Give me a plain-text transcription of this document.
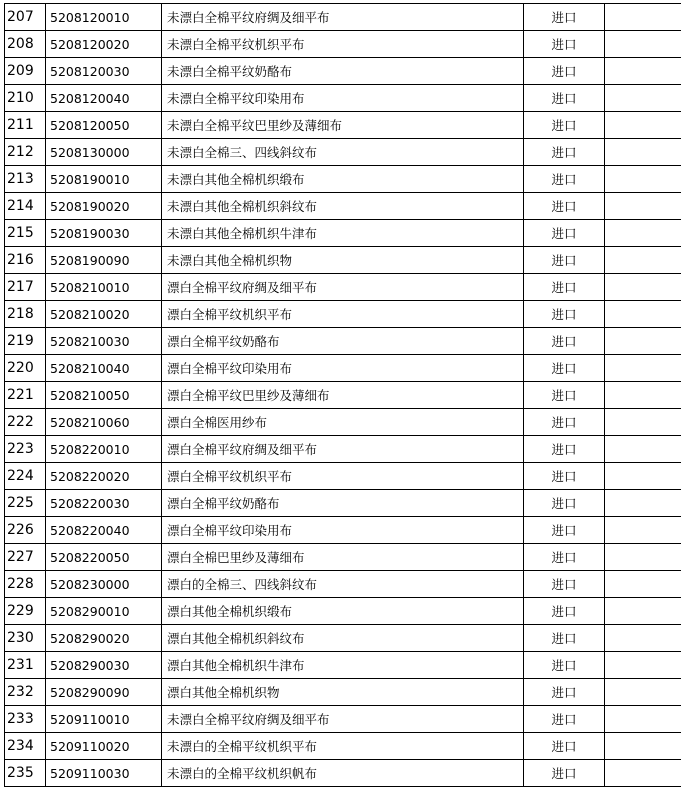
207	5208120010	未漂白全棉平纹府绸及细平布	进口	
208	5208120020	未漂白全棉平纹机织平布	进口	
209	5208120030	未漂白全棉平纹奶酪布	进口	
210	5208120040	未漂白全棉平纹印染用布	进口	
211	5208120050	未漂白全棉平纹巴里纱及薄细布	进口	
212	5208130000	未漂白全棉三、四线斜纹布	进口	
213	5208190010	未漂白其他全棉机织缎布	进口	
214	5208190020	未漂白其他全棉机织斜纹布	进口	
215	5208190030	未漂白其他全棉机织牛津布	进口	
216	5208190090	未漂白其他全棉机织物	进口	
217	5208210010	漂白全棉平纹府绸及细平布	进口	
218	5208210020	漂白全棉平纹机织平布	进口	
219	5208210030	漂白全棉平纹奶酪布	进口	
220	5208210040	漂白全棉平纹印染用布	进口	
221	5208210050	漂白全棉平纹巴里纱及薄细布	进口	
222	5208210060	漂白全棉医用纱布	进口	
223	5208220010	漂白全棉平纹府绸及细平布	进口	
224	5208220020	漂白全棉平纹机织平布	进口	
225	5208220030	漂白全棉平纹奶酪布	进口	
226	5208220040	漂白全棉平纹印染用布	进口	
227	5208220050	漂白全棉巴里纱及薄细布	进口	
228	5208230000	漂白的全棉三、四线斜纹布	进口	
229	5208290010	漂白其他全棉机织缎布	进口	
230	5208290020	漂白其他全棉机织斜纹布	进口	
231	5208290030	漂白其他全棉机织牛津布	进口	
232	5208290090	漂白其他全棉机织物	进口	
233	5209110010	未漂白全棉平纹府绸及细平布	进口	
234	5209110020	未漂白的全棉平纹机织平布	进口	
235	5209110030	未漂白的全棉平纹机织帆布	进口	
